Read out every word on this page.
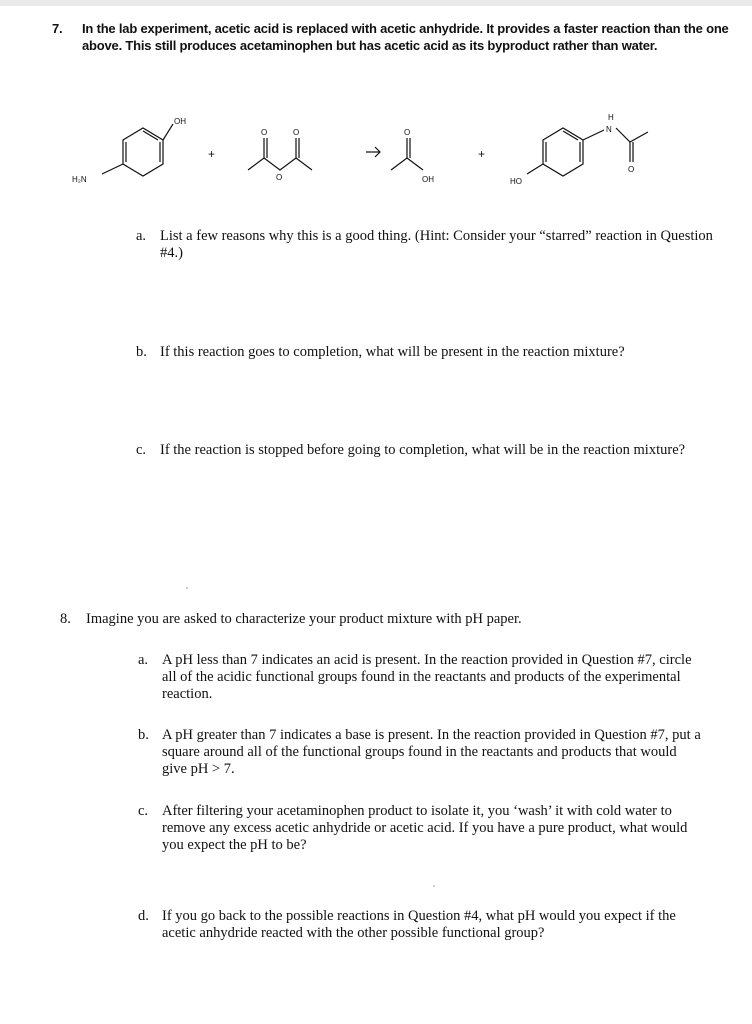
7. In the lab experiment, acetic acid is replaced with acetic anhydride. It provides a faster reaction than the one above. This still produces acetaminophen but has acetic acid as its byproduct rather than water.
OH
H₂N
O
O
O	O
OH	HO
N
H
O
+	+
a. List a few reasons why this is a good thing. (Hint: Consider your “starred” reaction in Question #4.)
b. If this reaction goes to completion, what will be present in the reaction mixture?
c. If the reaction is stopped before going to completion, what will be in the reaction mixture?
8. Imagine you are asked to characterize your product mixture with pH paper.
a. A pH less than 7 indicates an acid is present. In the reaction provided in Question #7, circle all of the acidic functional groups found in the reactants and products of the experimental reaction.
b. A pH greater than 7 indicates a base is present. In the reaction provided in Question #7, put a square around all of the functional groups found in the reactants and products that would give pH > 7.
c. After filtering your acetaminophen product to isolate it, you ‘wash’ it with cold water to remove any excess acetic anhydride or acetic acid. If you have a pure product, what would you expect the pH to be?
d. If you go back to the possible reactions in Question #4, what pH would you expect if the acetic anhydride reacted with the other possible functional group?
